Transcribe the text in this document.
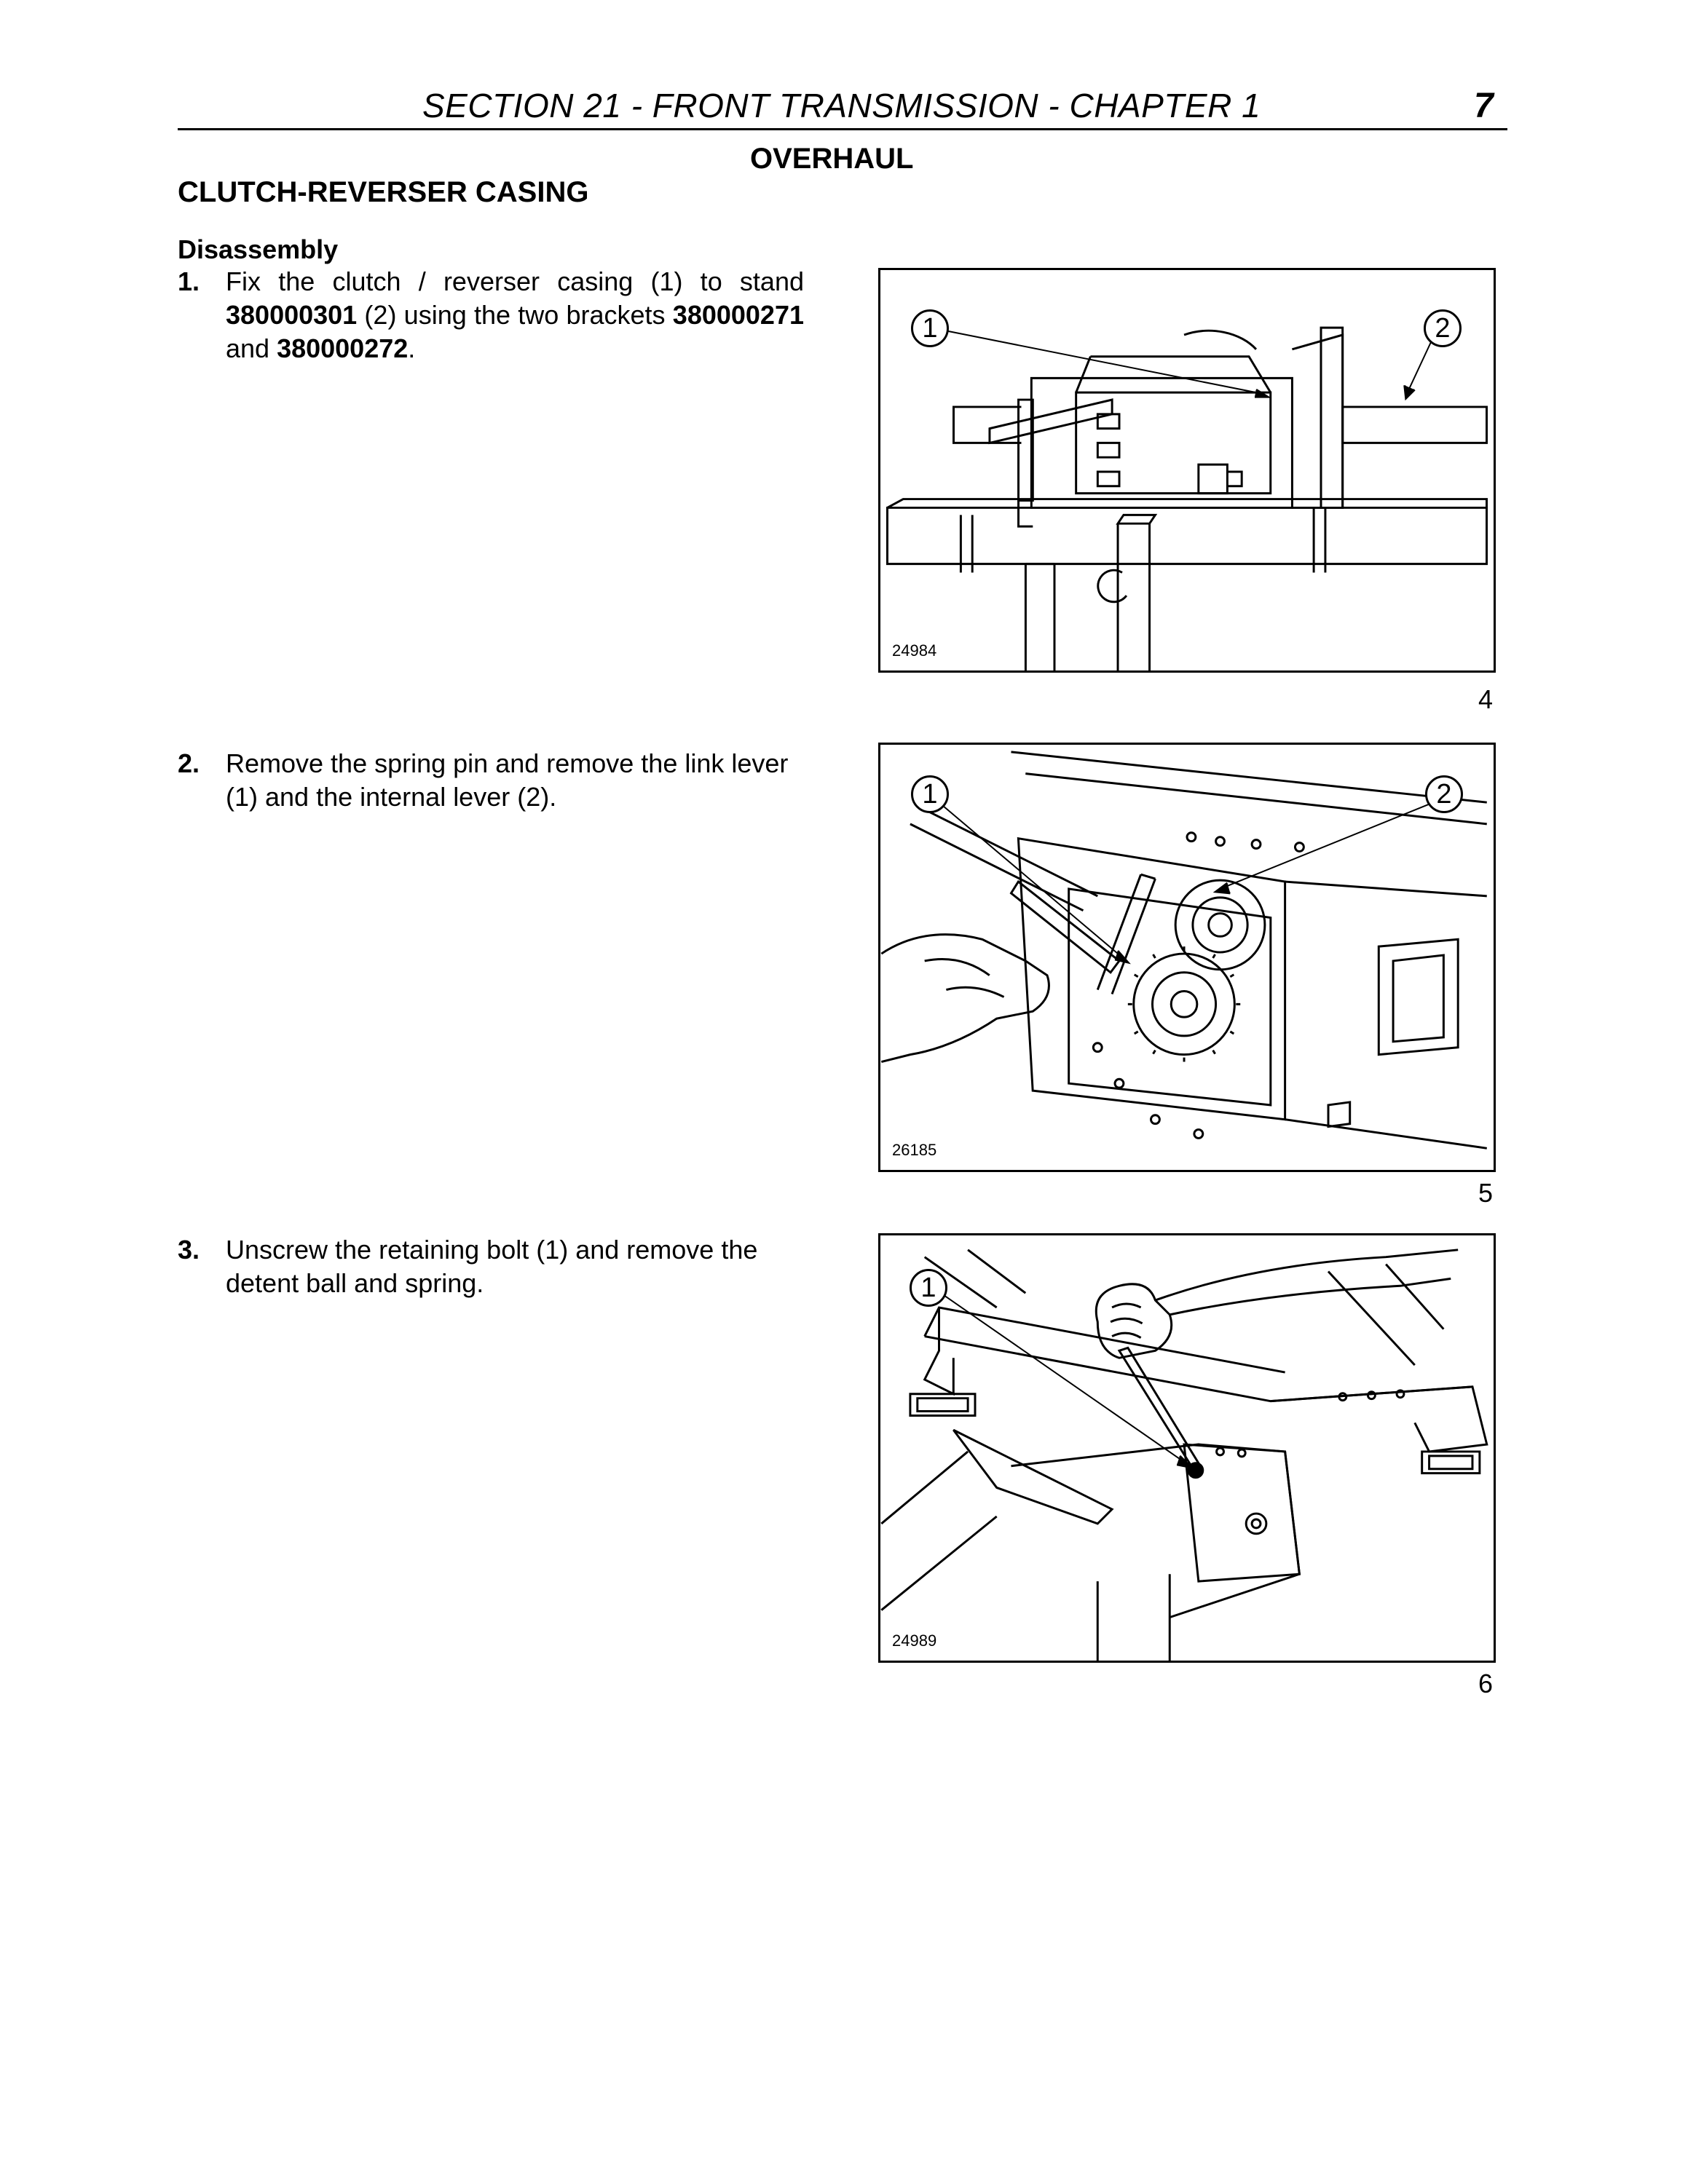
SECTION 21 - FRONT TRANSMISSION - CHAPTER 1	7
OVERHAUL
CLUTCH-REVERSER CASING
Disassembly
1. Fix the clutch / reverser casing (1) to stand 380000301 (2) using the two brackets 380000271 and 380000272.
2. Remove the spring pin and remove the link lever (1) and the internal lever (2).
3. Unscrew the retaining bolt (1) and remove the detent ball and spring.
1	2
24984
4
1	2
26185
5
1
24989
6
